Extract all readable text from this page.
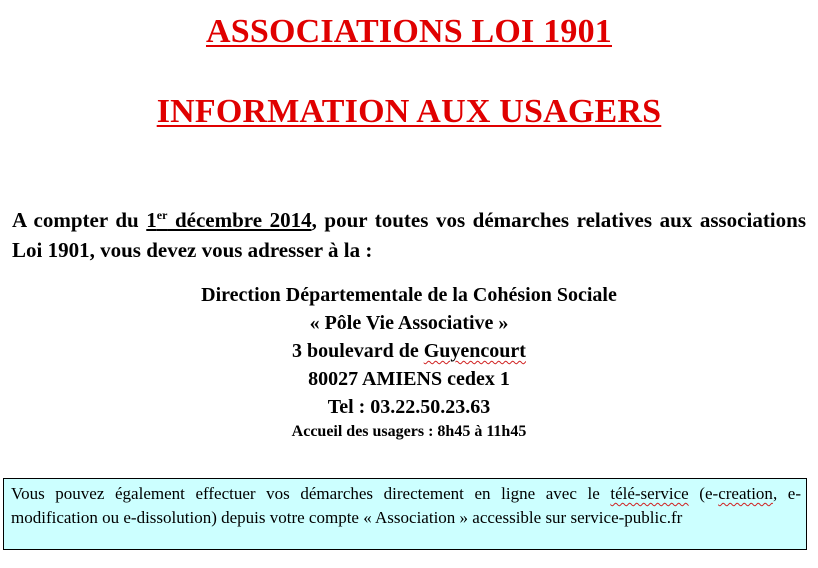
ASSOCIATIONS LOI 1901
INFORMATION AUX USAGERS
A compter du 1er décembre 2014, pour toutes vos démarches relatives aux associations Loi 1901, vous devez vous adresser à la :
Direction Départementale de la Cohésion Sociale
« Pôle Vie Associative »
3 boulevard de Guyencourt
80027 AMIENS cedex 1
Tel : 03.22.50.23.63
Accueil des usagers : 8h45 à 11h45
Vous pouvez également effectuer vos démarches directement en ligne avec le télé-service (e-creation, e-modification ou e-dissolution) depuis votre compte « Association » accessible sur service-public.fr
